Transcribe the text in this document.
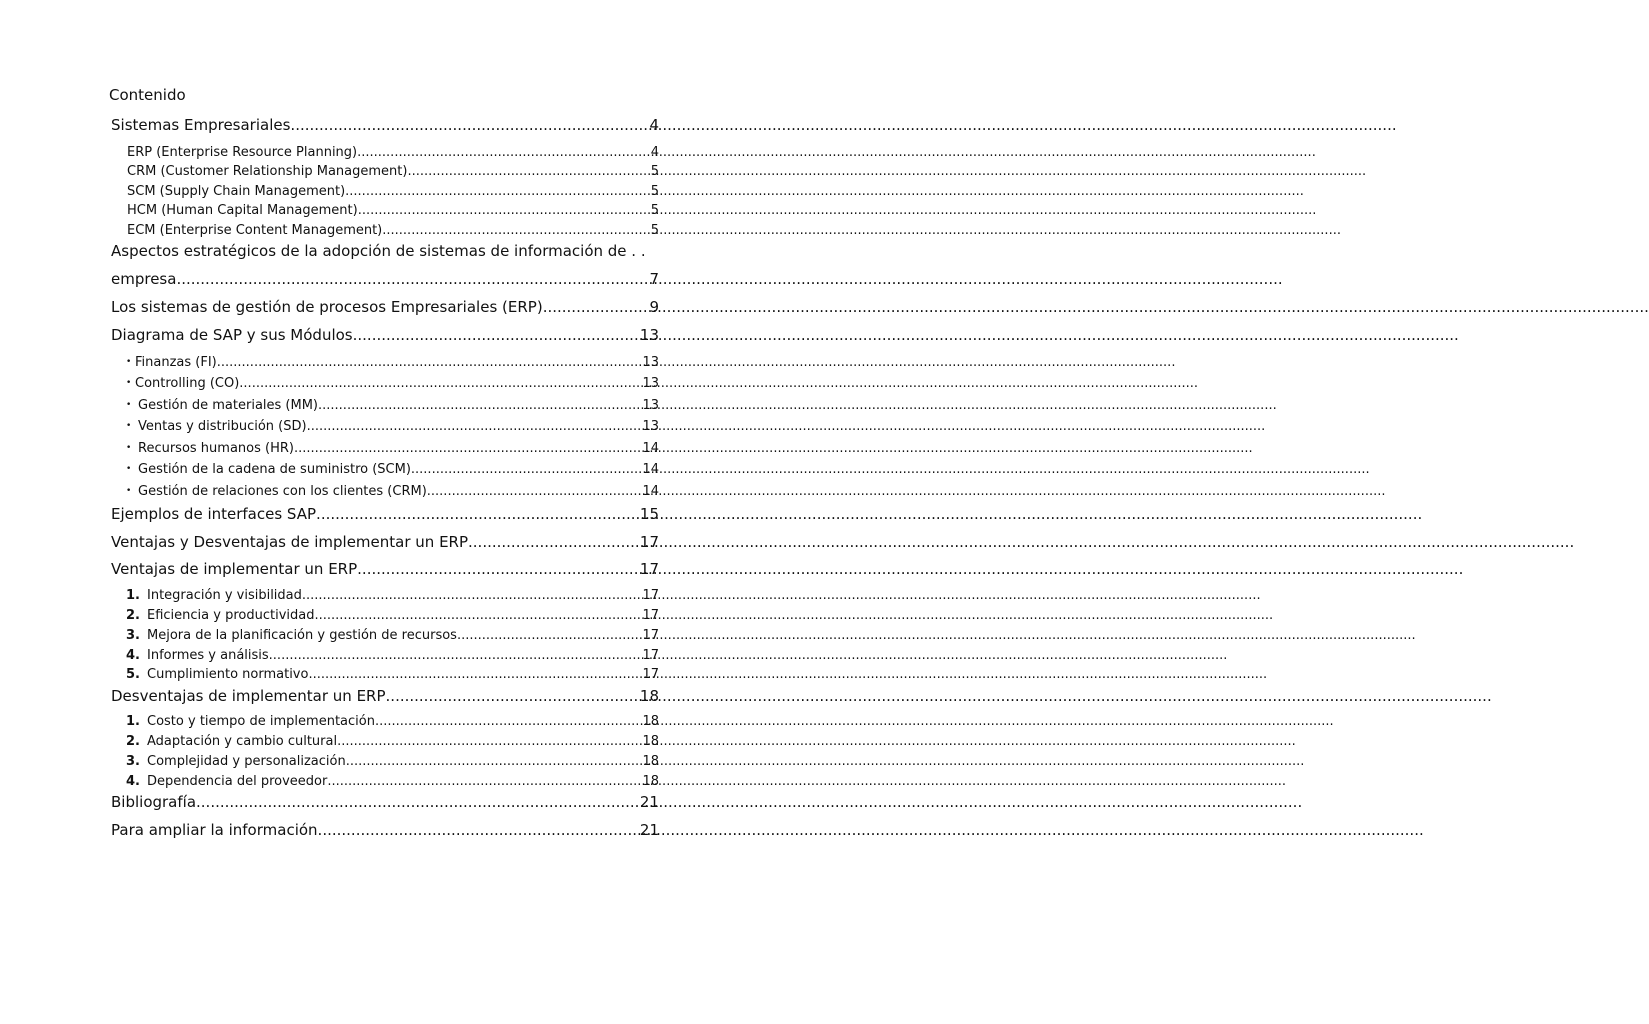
Contenido
Sistemas Empresariales .....	4
ERP (Enterprise Resource Planning) .....	4
CRM (Customer Relationship Management) .....	5
SCM (Supply Chain Management) .....	5
HCM (Human Capital Management) .....	5
ECM (Enterprise Content Management) .....	5
Aspectos estratégicos de la adopción de sistemas de información de . .
empresa .....	7
Los sistemas de gestión de procesos Empresariales (ERP) .....	9
Diagrama de SAP y sus Módulos .....	13
• Finanzas (FI) .....	13
• Controlling (CO) .....	13
• Gestión de materiales (MM) .....	13
• Ventas y distribución (SD) .....	13
• Recursos humanos (HR) .....	14
• Gestión de la cadena de suministro (SCM) .....	14
• Gestión de relaciones con los clientes (CRM) .....	14
Ejemplos de interfaces SAP .....	15
Ventajas y Desventajas de implementar un ERP .....	17
Ventajas de implementar un ERP .....	17
1. Integración y visibilidad .....	17
2. Eficiencia y productividad .....	17
3. Mejora de la planificación y gestión de recursos .....	17
4. Informes y análisis .....	17
5. Cumplimiento normativo .....	17
Desventajas de implementar un ERP .....	18
1. Costo y tiempo de implementación .....	18
2. Adaptación y cambio cultural .....	18
3. Complejidad y personalización .....	18
4. Dependencia del proveedor .....	18
Bibliografía .....	21
Para ampliar la información .....	21
